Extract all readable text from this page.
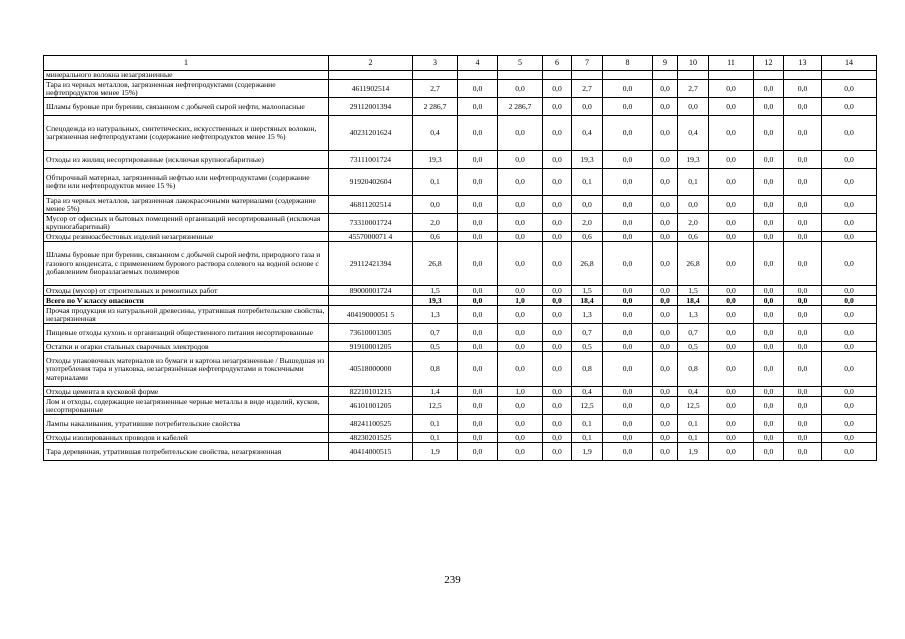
1	2	3	4	5	6	7	8	9	10	11	12	13	14
минерального волокна незагрязненные													
Тара из черных металлов, загрязненная нефтепродуктами (содержание нефтепродуктов менее 15%)	4611902514	2,7	0,0	0,0	0,0	2,7	0,0	0,0	2,7	0,0	0,0	0,0	0,0
Шламы буровые при бурении, связанном с добычей сырой нефти, малоопасные	29112001394	2 286,7	0,0	2 286,7	0,0	0,0	0,0	0,0	0,0	0,0	0,0	0,0	0,0
Спецодежда из натуральных, синтетических, искусственных и шерстяных волокон, загрязненная нефтепродуктами (содержание нефтепродуктов менее 15 %)	40231201624	0,4	0,0	0,0	0,0	0,4	0,0	0,0	0,4	0,0	0,0	0,0	0,0
Отходы из жилищ несортированные (исключая крупногабаритные)	73111001724	19,3	0,0	0,0	0,0	19,3	0,0	0,0	19,3	0,0	0,0	0,0	0,0
Обтирочный материал, загрязненный нефтью или нефтепродуктами (содержание нефти или нефтепродуктов менее 15 %)	91920402604	0,1	0,0	0,0	0,0	0,1	0,0	0,0	0,1	0,0	0,0	0,0	0,0
Тара из черных металлов, загрязненная лакокрасочными материалами (содержание менее 5%)	46811202514	0,0	0,0	0,0	0,0	0,0	0,0	0,0	0,0	0,0	0,0	0,0	0,0
Мусор от офисных и бытовых помещений организаций несортированный (исключая крупногабаритный)	73310001724	2,0	0,0	0,0	0,0	2,0	0,0	0,0	2,0	0,0	0,0	0,0	0,0
Отходы резиноасбестовых изделий незагрязненные	4557000071 4	0,6	0,0	0,0	0,0	0,6	0,0	0,0	0,6	0,0	0,0	0,0	0,0
Шламы буровые при бурении, связанном с добычей сырой нефти, природного газа и газового конденсата, с применением бурового раствора солевого на водной основе с добавлением биоразлагаемых полимеров	29112421394	26,8	0,0	0,0	0,0	26,8	0,0	0,0	26,8	0,0	0,0	0,0	0,0
Отходы (мусор) от строительных и ремонтных работ	89000001724	1,5	0,0	0,0	0,0	1,5	0,0	0,0	1,5	0,0	0,0	0,0	0,0
Всего по V классу опасности		19,3	0,0	1,0	0,0	18,4	0,0	0,0	18,4	0,0	0,0	0,0	0,0
Прочая продукция из натуральной древесины, утратившая потребительские свойства, незагрязненная	40419000051 5	1,3	0,0	0,0	0,0	1,3	0,0	0,0	1,3	0,0	0,0	0,0	0,0
Пищевые отходы кухонь и организаций общественного питания несортированные	73610001305	0,7	0,0	0,0	0,0	0,7	0,0	0,0	0,7	0,0	0,0	0,0	0,0
Остатки и огарки стальных сварочных электродов	91910001205	0,5	0,0	0,0	0,0	0,5	0,0	0,0	0,5	0,0	0,0	0,0	0,0
Отходы упаковочных материалов из бумаги и картона незагрязненные / Вышедшая из употребления тара и упаковка, незагрязнённая нефтепродуктами и токсичными материалами	40518000000	0,8	0,0	0,0	0,0	0,8	0,0	0,0	0,8	0,0	0,0	0,0	0,0
Отходы цемента в кусковой форме	82210101215	1,4	0,0	1,0	0,0	0,4	0,0	0,0	0,4	0,0	0,0	0,0	0,0
Лом и отходы, содержащие незагрязненные черные металлы в виде изделий, кусков, несортированные	46101001205	12,5	0,0	0,0	0,0	12,5	0,0	0,0	12,5	0,0	0,0	0,0	0,0
Лампы накаливания, утратившие потребительские свойства	48241100525	0,1	0,0	0,0	0,0	0,1	0,0	0,0	0,1	0,0	0,0	0,0	0,0
Отходы изолированных проводов и кабелей	48230201525	0,1	0,0	0,0	0,0	0,1	0,0	0,0	0,1	0,0	0,0	0,0	0,0
Тара деревянная, утратившая потребительские свойства, незагрязненная	40414000515	1,9	0,0	0,0	0,0	1,9	0,0	0,0	1,9	0,0	0,0	0,0	0,0
239
